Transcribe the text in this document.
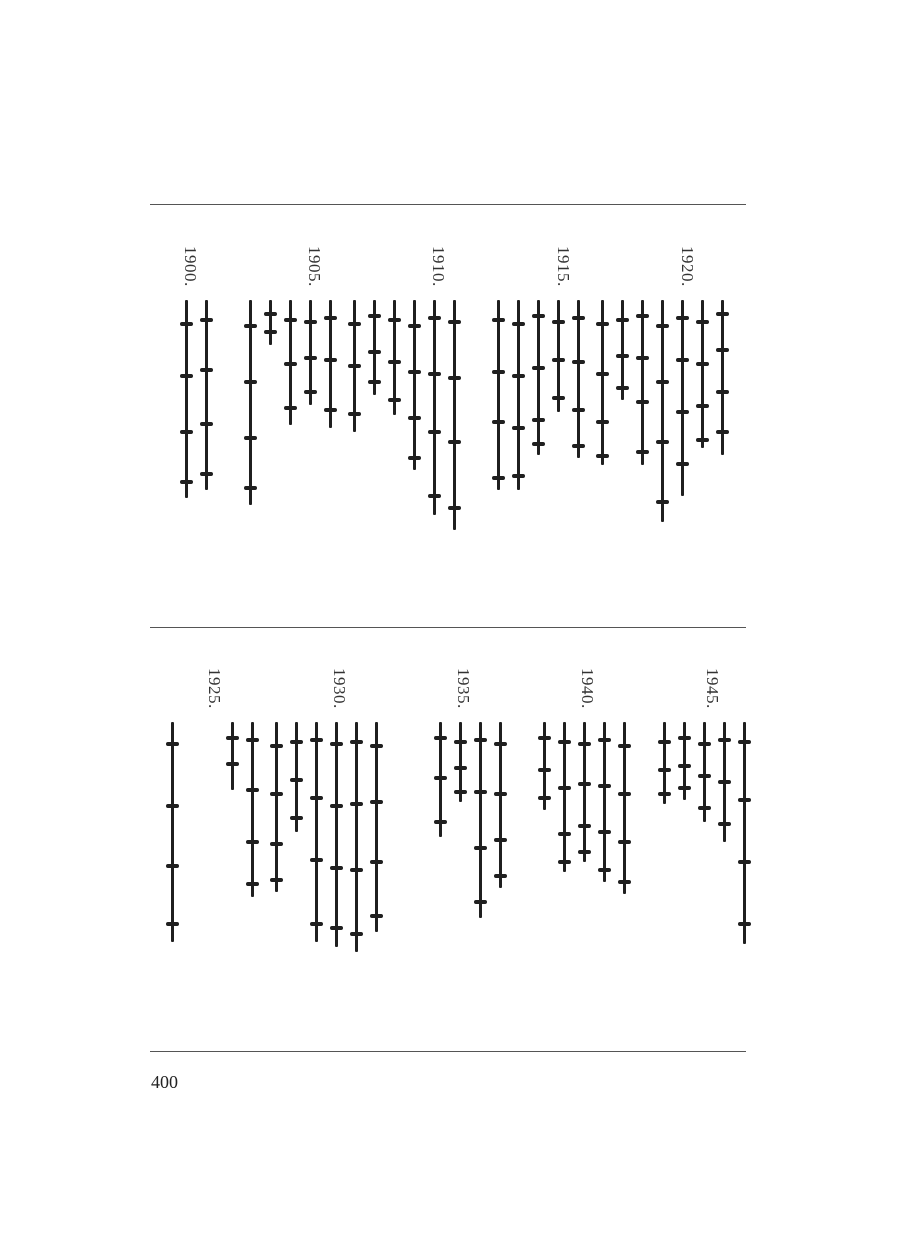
1920.
1915.
1910.
1905.
1900.
1945.
1940.
1935.
1930.
1925.
400
